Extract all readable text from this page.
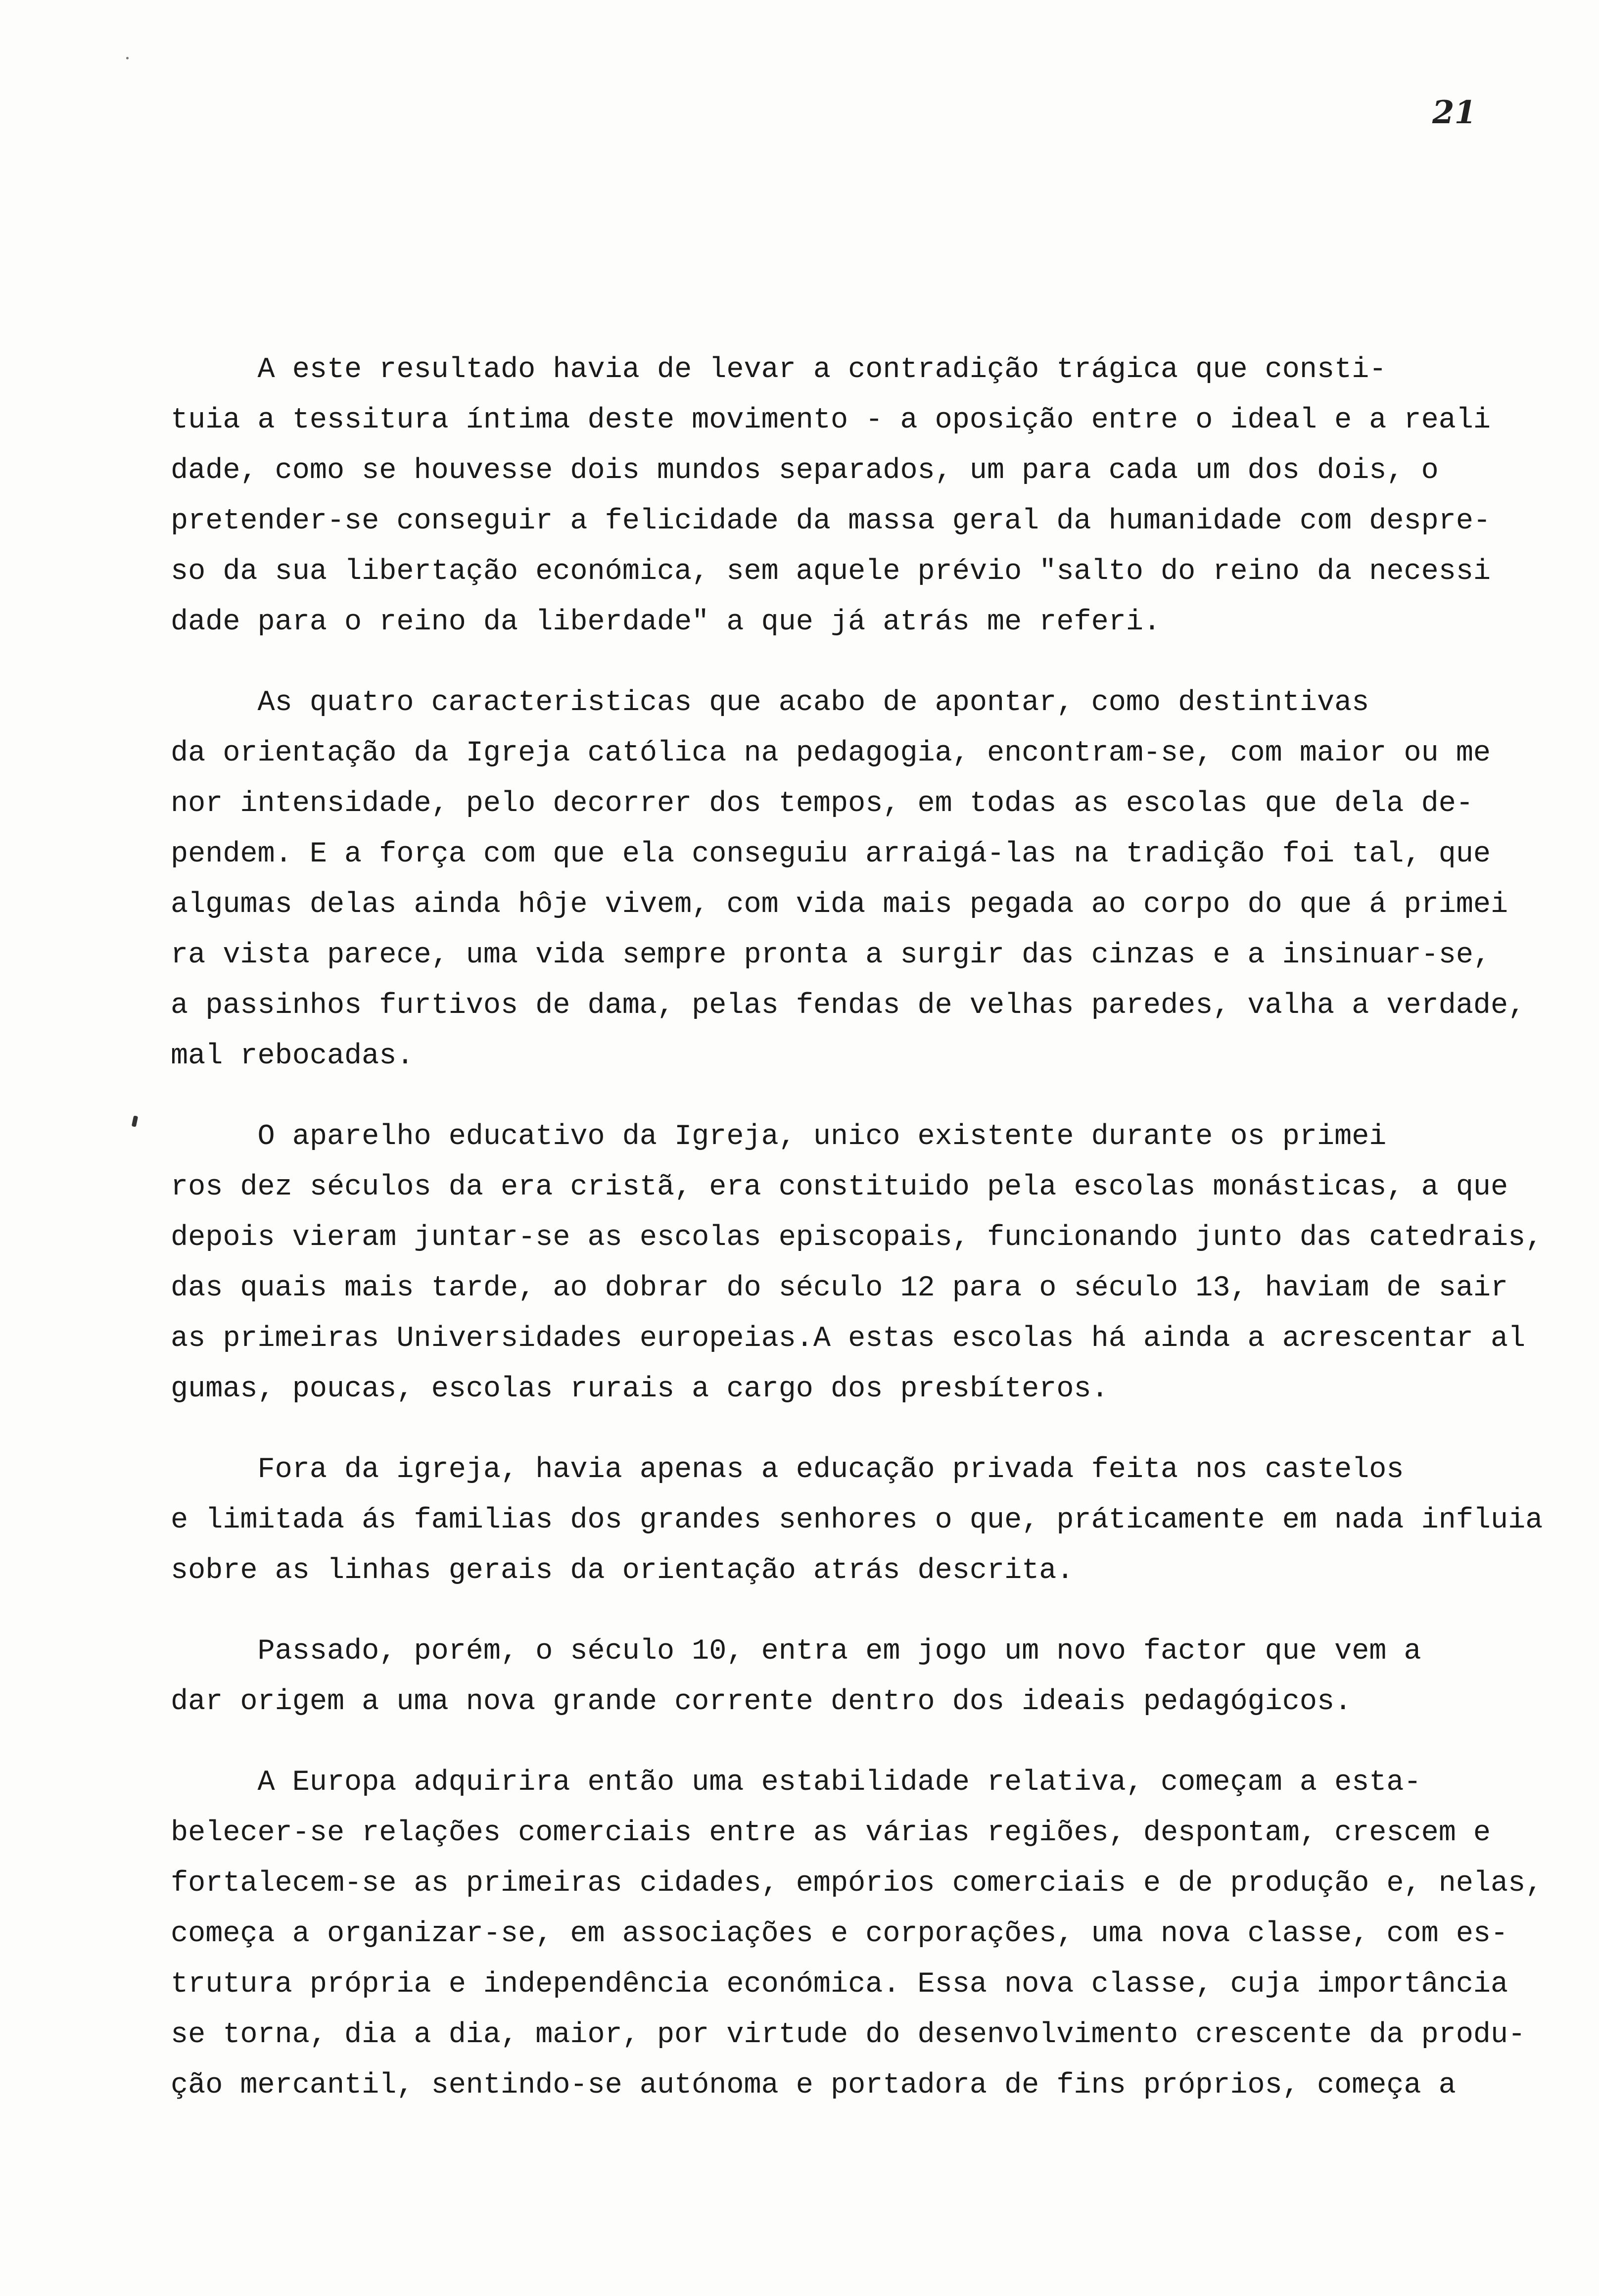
21
A este resultado havia de levar a contradição trágica que consti-
tuia a tessitura íntima deste movimento - a oposição entre o ideal e a reali
dade, como se houvesse dois mundos separados, um para cada um dos dois, o
pretender-se conseguir a felicidade da massa geral da humanidade com despre-
so da sua libertação económica, sem aquele prévio "salto do reino da necessi
dade para o reino da liberdade" a que já atrás me referi.
As quatro caracteristicas que acabo de apontar, como destintivas
da orientação da Igreja católica na pedagogia, encontram-se, com maior ou me
nor intensidade, pelo decorrer dos tempos, em todas as escolas que dela de-
pendem. E a força com que ela conseguiu arraigá-las na tradição foi tal, que
algumas delas ainda hôje vivem, com vida mais pegada ao corpo do que á primei
ra vista parece, uma vida sempre pronta a surgir das cinzas e a insinuar-se,
a passinhos furtivos de dama, pelas fendas de velhas paredes, valha a verdade,
mal rebocadas.
O aparelho educativo da Igreja, unico existente durante os primei
ros dez séculos da era cristã, era constituido pela escolas monásticas, a que
depois vieram juntar-se as escolas episcopais, funcionando junto das catedrais,
das quais mais tarde, ao dobrar do século 12 para o século 13, haviam de sair
as primeiras Universidades europeias.A estas escolas há ainda a acrescentar al
gumas, poucas, escolas rurais a cargo dos presbíteros.
Fora da igreja, havia apenas a educação privada feita nos castelos
e limitada ás familias dos grandes senhores o que, práticamente em nada influia
sobre as linhas gerais da orientação atrás descrita.
Passado, porém, o século 10, entra em jogo um novo factor que vem a
dar origem a uma nova grande corrente dentro dos ideais pedagógicos.
A Europa adquirira então uma estabilidade relativa, começam a esta-
belecer-se relações comerciais entre as várias regiões, despontam, crescem e
fortalecem-se as primeiras cidades, empórios comerciais e de produção e, nelas,
começa a organizar-se, em associações e corporações, uma nova classe, com es-
trutura própria e independência económica. Essa nova classe, cuja importância
se torna, dia a dia, maior, por virtude do desenvolvimento crescente da produ-
ção mercantil, sentindo-se autónoma e portadora de fins próprios, começa a
